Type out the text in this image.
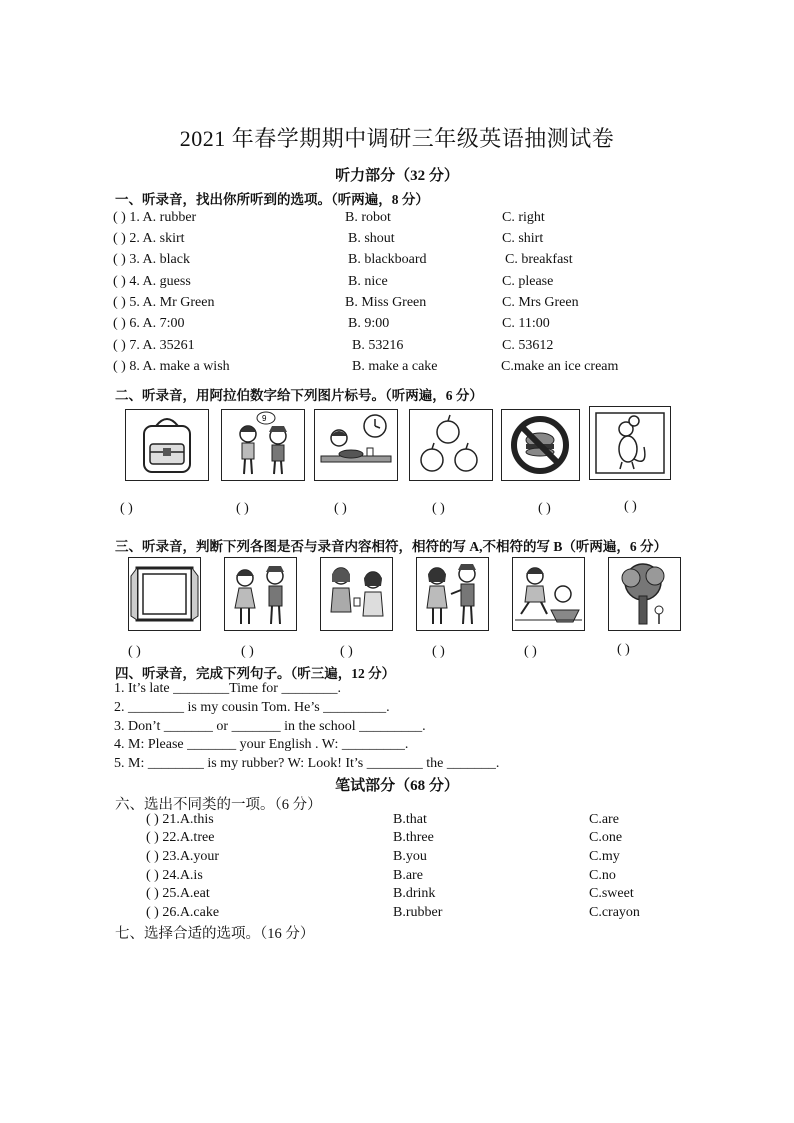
2021 年春学期期中调研三年级英语抽测试卷
听力部分（32 分）
一、听录音，找出你所听到的选项。（听两遍，8 分）
( ) 1. A. rubber	B. robot	C. right
( ) 2. A. skirt	B. shout	C. shirt
( ) 3. A. black	B. blackboard	C. breakfast
( ) 4. A. guess	B. nice	C. please
( ) 5. A. Mr Green	B. Miss Green	C. Mrs Green
( ) 6. A. 7:00	B. 9:00	C. 11:00
( ) 7. A. 35261	B. 53216	C. 53612
( ) 8. A. make a wish	B. make a cake	C.make an ice cream
二、听录音，用阿拉伯数字给下列图片标号。（听两遍，6 分）
9
( )	( )	( )	( )	( )	( )
三、听录音，判断下列各图是否与录音内容相符，相符的写 A,不相符的写 B（听两遍，6 分）
( )	( )	( )	( )	( )	( )
四、听录音，完成下列句子。（听三遍，12 分）
1. It’s late ________Time for ________.
2. ________ is my cousin Tom. He’s _________.
3. Don’t _______ or _______ in the school _________.
4. M: Please _______ your English . W: _________.
5. M: ________ is my rubber? W: Look! It’s ________ the _______.
笔试部分（68 分）
六、选出不同类的一项。（6 分）
( ) 21.A.this	B.that	C.are
( ) 22.A.tree	B.three	C.one
( ) 23.A.your	B.you	C.my
( ) 24.A.is	B.are	C.no
( ) 25.A.eat	B.drink	C.sweet
( ) 26.A.cake	B.rubber	C.crayon
七、选择合适的选项。（16 分）
